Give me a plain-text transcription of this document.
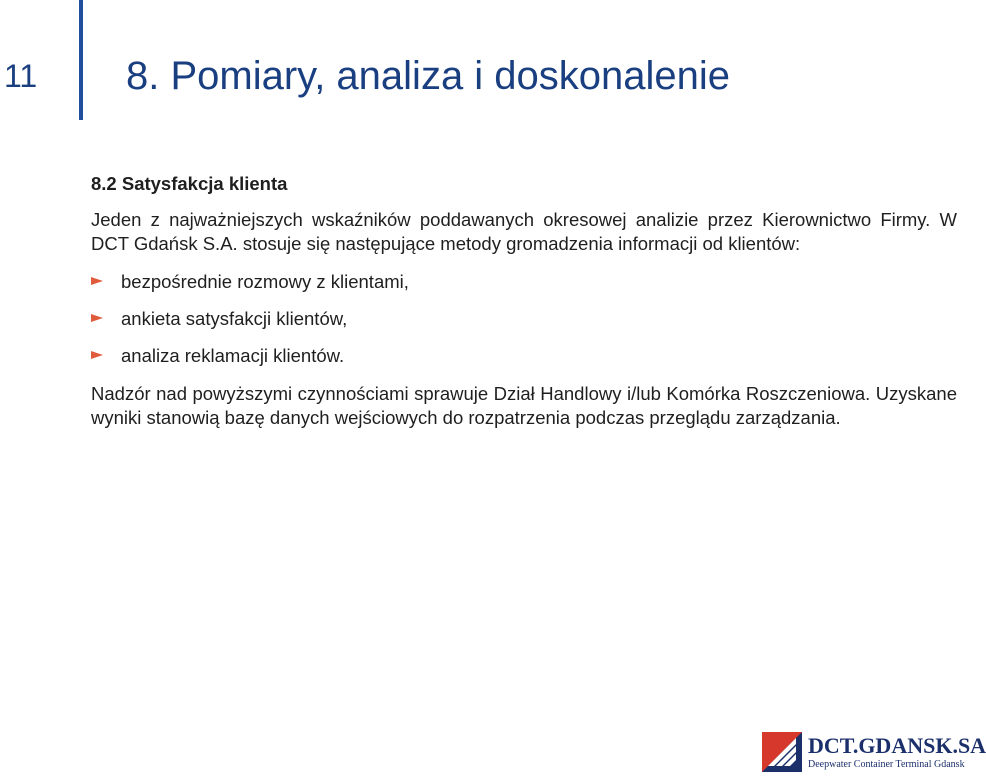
11 8. Pomiary, analiza i doskonalenie
8.2 Satysfakcja klienta

Jeden z najważniejszych wskaźników poddawanych okresowej analizie przez Kierownictwo Firmy. W DCT Gdańsk S.A. stosuje się następujące metody gromadzenia informacji od klientów:

bezpośrednie rozmowy z klientami,
ankieta satysfakcji klientów,
analiza reklamacji klientów.

Nadzór nad powyższymi czynnościami sprawuje Dział Handlowy i/lub Komórka Roszczeniowa. Uzyskane wyniki stanowią bazę danych wejściowych do rozpatrzenia podczas przeglądu zarządzania.

DCT.GDANSK.SA
Deepwater Container Terminal Gdansk
